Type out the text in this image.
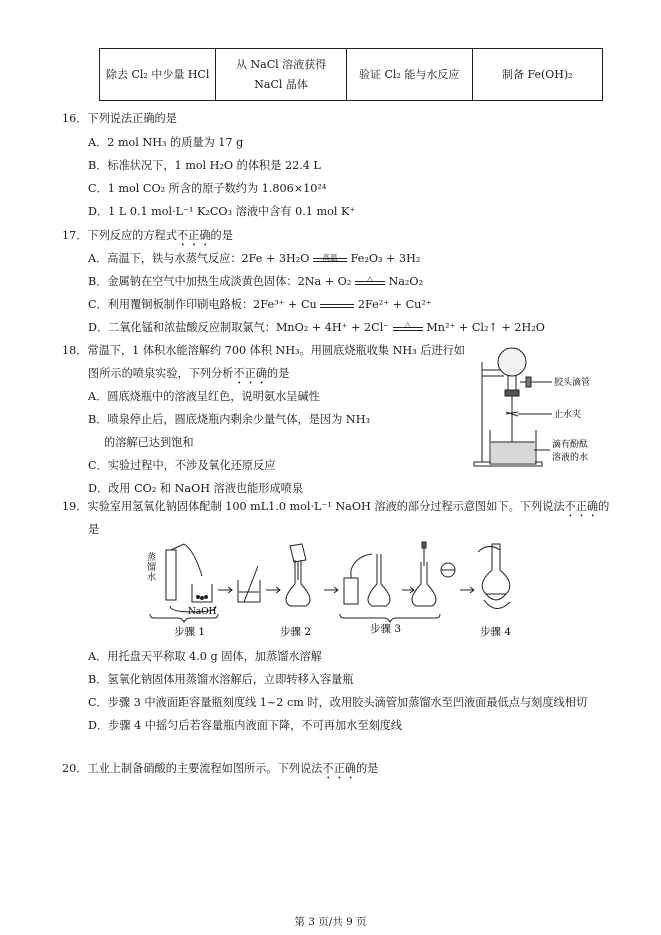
除去 Cl₂ 中少量 HCl	从 NaCl 溶液获得 NaCl 晶体	验证 Cl₂ 能与水反应	制备 Fe(OH)₂
16．下列说法正确的是
A．2 mol NH₃ 的质量为 17 g
B．标准状况下，1 mol H₂O 的体积是 22.4 L
C．1 mol CO₂ 所含的原子数约为 1.806×10²⁴
D．1 L 0.1 mol·L⁻¹ K₂CO₃ 溶液中含有 0.1 mol K⁺
17．下列反应的方程式不正确的是
A．高温下，铁与水蒸气反应：2Fe + 3H₂O	高温	Fe₂O₃ + 3H₂
B．金属钠在空气中加热生成淡黄色固体：2Na + O₂	△	Na₂O₂
C．利用覆铜板制作印刷电路板：2Fe³⁺ + Cu	2Fe²⁺ + Cu²⁺
D．二氧化锰和浓盐酸反应制取氯气：MnO₂ + 4H⁺ + 2Cl⁻	△	Mn²⁺ + Cl₂↑ + 2H₂O
18．常温下，1 体积水能溶解约 700 体积 NH₃。用圆底烧瓶收集 NH₃ 后进行如
图所示的喷泉实验，下列分析不正确的是
A．圆底烧瓶中的溶液呈红色，说明氨水呈碱性
B．喷泉停止后，圆底烧瓶内剩余少量气体，是因为 NH₃
的溶解已达到饱和
C．实验过程中，不涉及氧化还原反应
D．改用 CO₂ 和 NaOH 溶液也能形成喷泉
胶头滴管
止水夹
滴有酚酞
溶液的水
19．实验室用氢氧化钠固体配制 100 mL1.0 mol·L⁻¹ NaOH 溶液的部分过程示意图如下。下列说法不正确的
是
蒸
馏
水
NaOH
步骤 1	步骤 2	步骤 3	步骤 4
A．用托盘天平称取 4.0 g 固体，加蒸馏水溶解
B．氢氧化钠固体用蒸馏水溶解后，立即转移入容量瓶
C．步骤 3 中液面距容量瓶刻度线 1~2 cm 时，改用胶头滴管加蒸馏水至凹液面最低点与刻度线相切
D．步骤 4 中摇匀后若容量瓶内液面下降，不可再加水至刻度线
20．工业上制备硝酸的主要流程如图所示。下列说法不正确的是
第 3 页/共 9 页
